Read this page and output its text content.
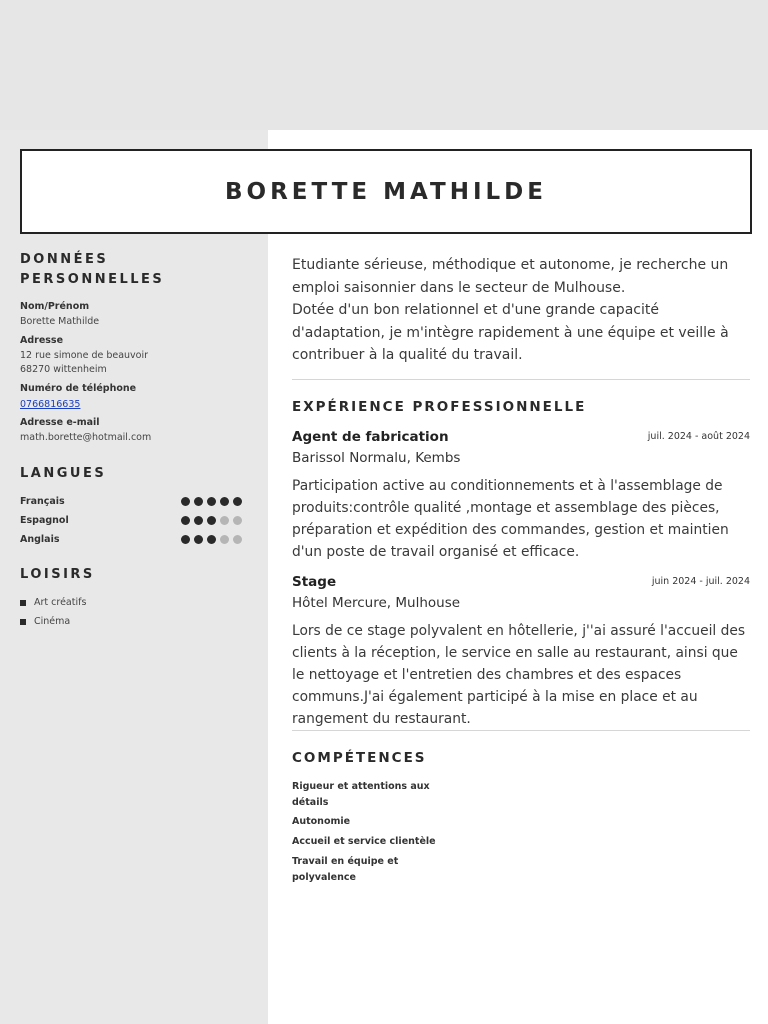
BORETTE MATHILDE
DONNÉES
PERSONNELLES
Nom/Prénom
Borette Mathilde
Adresse
12 rue simone de beauvoir
68270 wittenheim
Numéro de téléphone
0766816635
Adresse e-mail
math.borette@hotmail.com
LANGUES
Français
Espagnol
Anglais
LOISIRS
Art créatifs
Cinéma
Etudiante sérieuse, méthodique et autonome, je recherche un emploi saisonnier dans le secteur de Mulhouse.
Dotée d'un bon relationnel et d'une grande capacité d'adaptation, je m'intègre rapidement à une équipe et veille à contribuer à la qualité du travail.
EXPÉRIENCE PROFESSIONNELLE
Agent de fabrication	juil. 2024 - août 2024
Barissol Normalu, Kembs
Participation active au conditionnements et à l'assemblage de produits:contrôle qualité ,montage et assemblage des pièces, préparation et expédition des commandes, gestion et maintien d'un poste de travail organisé et efficace.
Stage	juin 2024 - juil. 2024
Hôtel Mercure, Mulhouse
Lors de ce stage polyvalent en hôtellerie, j''ai assuré l'accueil des clients à la réception, le service en salle au restaurant, ainsi que le nettoyage et l'entretien des chambres et des espaces communs.J'ai également participé à la mise en place et au rangement du restaurant.
COMPÉTENCES
Rigueur et attentions aux détails
Autonomie
Accueil et service clientèle
Travail en équipe et polyvalence
